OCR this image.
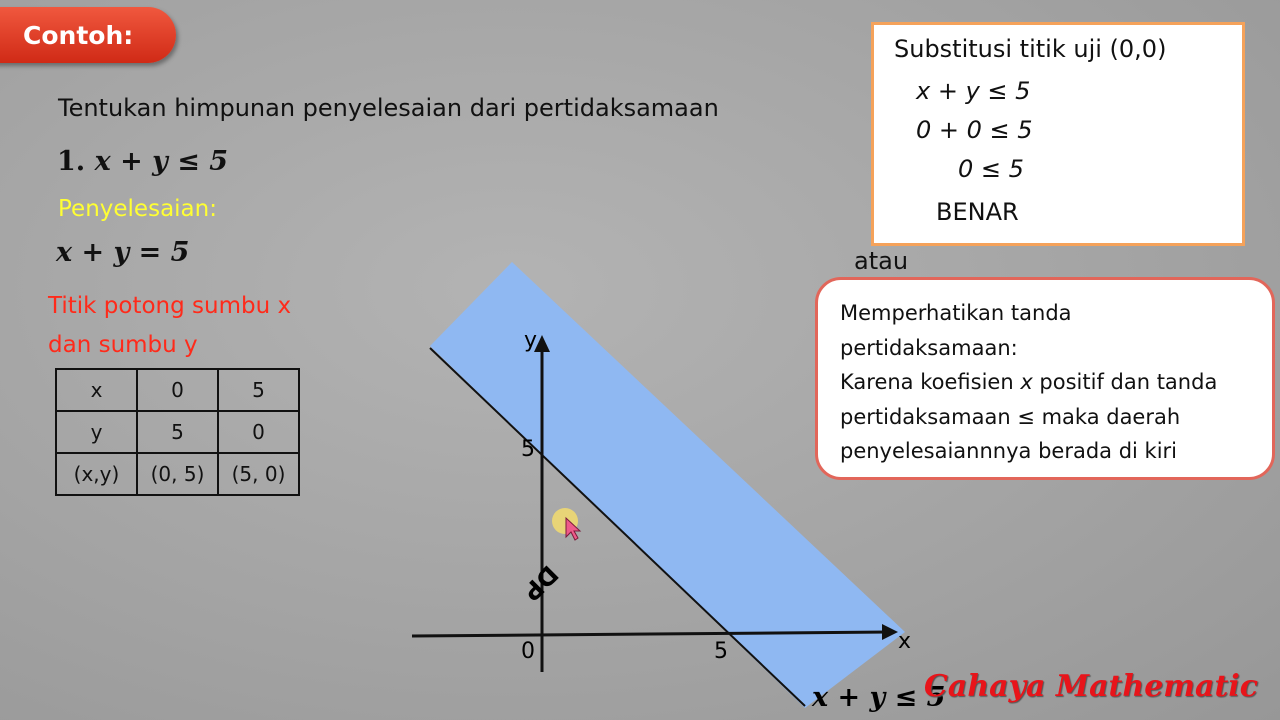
Contoh:
Tentukan himpunan penyelesaian dari pertidaksamaan
1. x + y ≤ 5
Penyelesaian:
x + y = 5
Titik potong sumbu x
dan sumbu y
x	0	5
y	5	0
(x,y)	(0, 5)	(5, 0)
y
x
0
5
5
DP
x + y ≤ 5
Substitusi titik uji (0,0)
x + y ≤ 5
0 + 0 ≤ 5
0 ≤ 5
BENAR
atau
Memperhatikan tanda
pertidaksamaan:
Karena koefisien x positif dan tanda
pertidaksamaan ≤ maka daerah
penyelesaiannnya berada di kiri
Cahaya Mathematic
